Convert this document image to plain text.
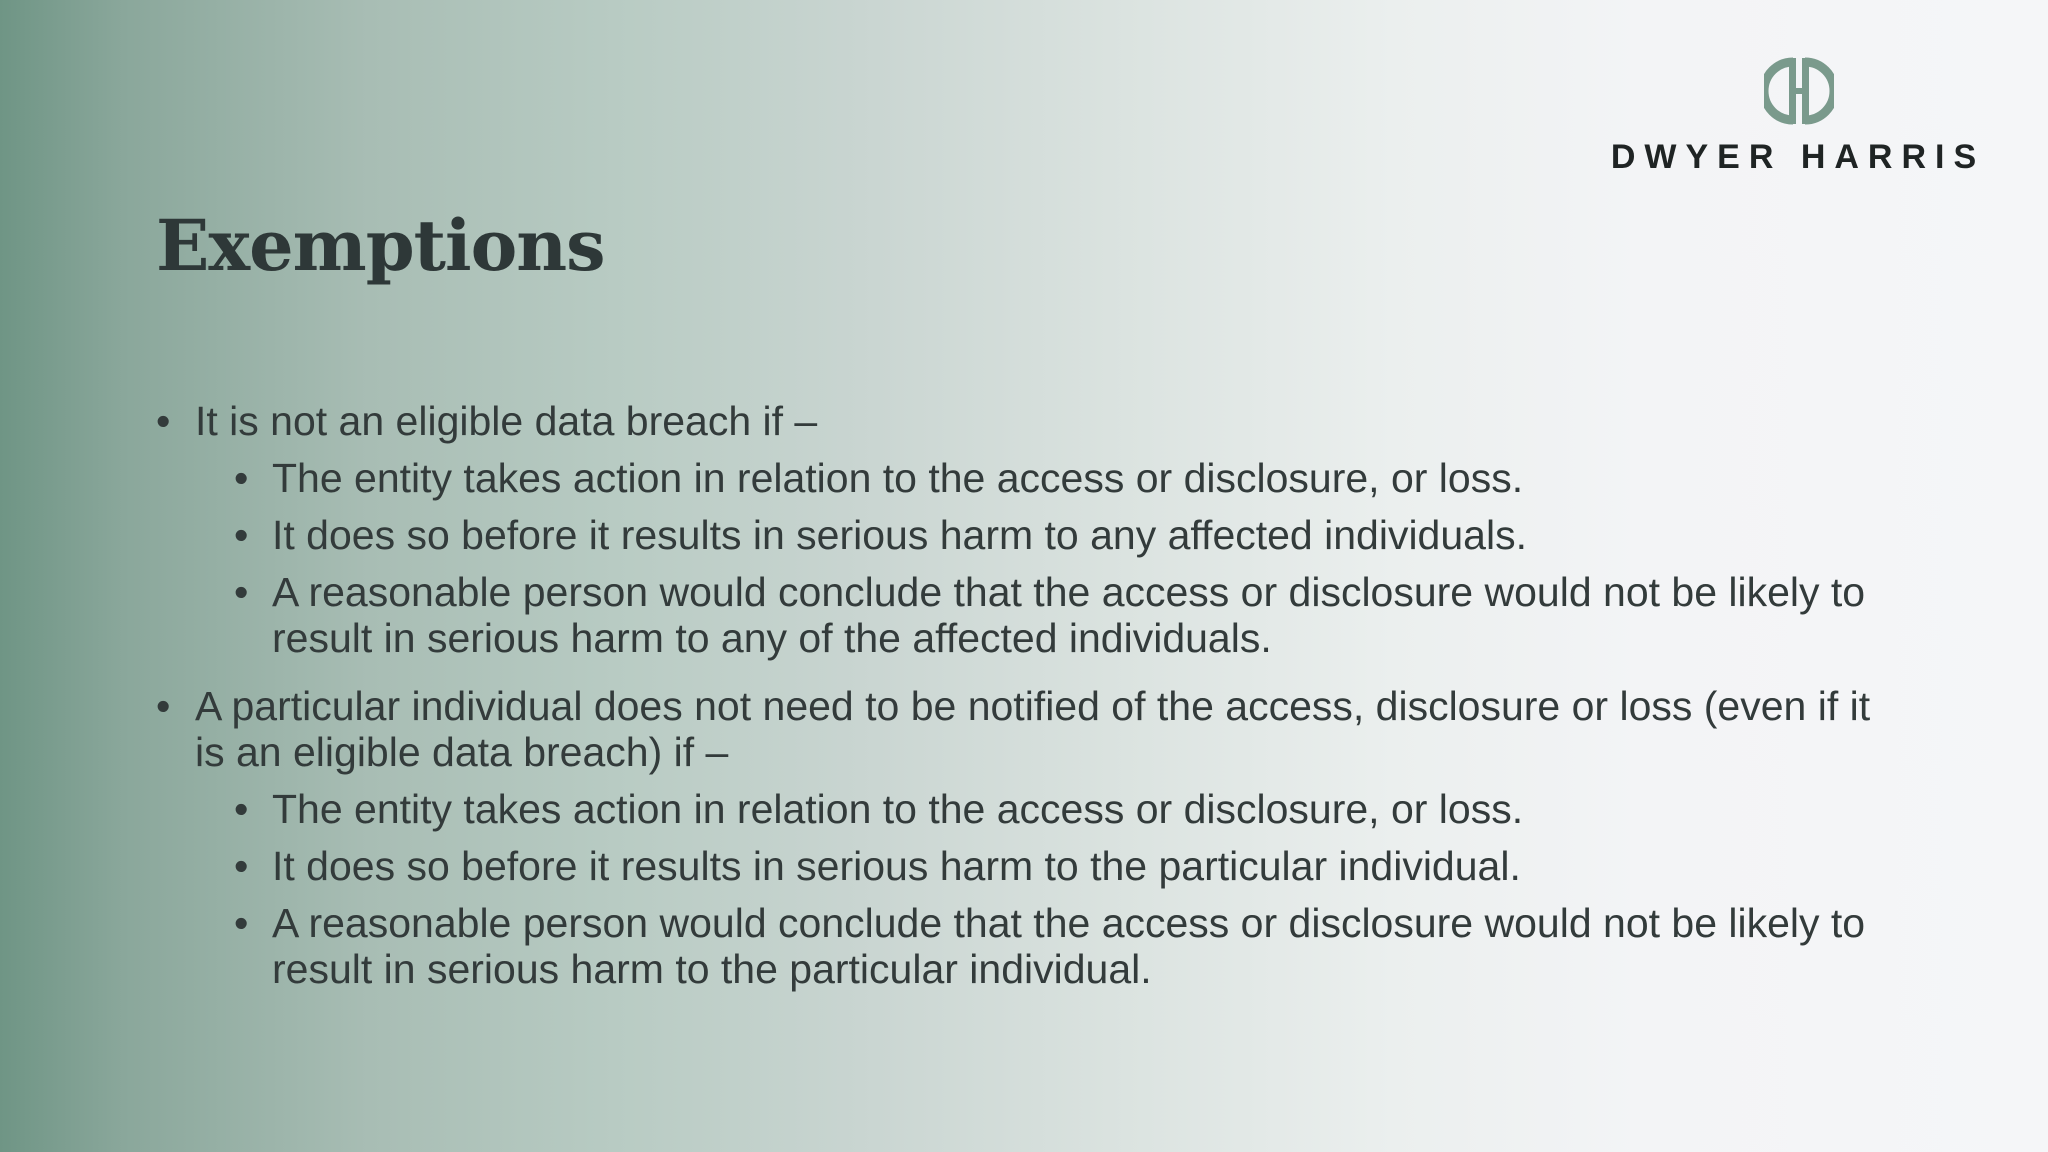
DWYER HARRIS
Exemptions
• It is not an eligible data breach if –
• The entity takes action in relation to the access or disclosure, or loss.
• It does so before it results in serious harm to any affected individuals.
• A reasonable person would conclude that the access or disclosure would not be likely to result in serious harm to any of the affected individuals.
• A particular individual does not need to be notified of the access, disclosure or loss (even if it is an eligible data breach) if –
• The entity takes action in relation to the access or disclosure, or loss.
• It does so before it results in serious harm to the particular individual.
• A reasonable person would conclude that the access or disclosure would not be likely to result in serious harm to the particular individual.
